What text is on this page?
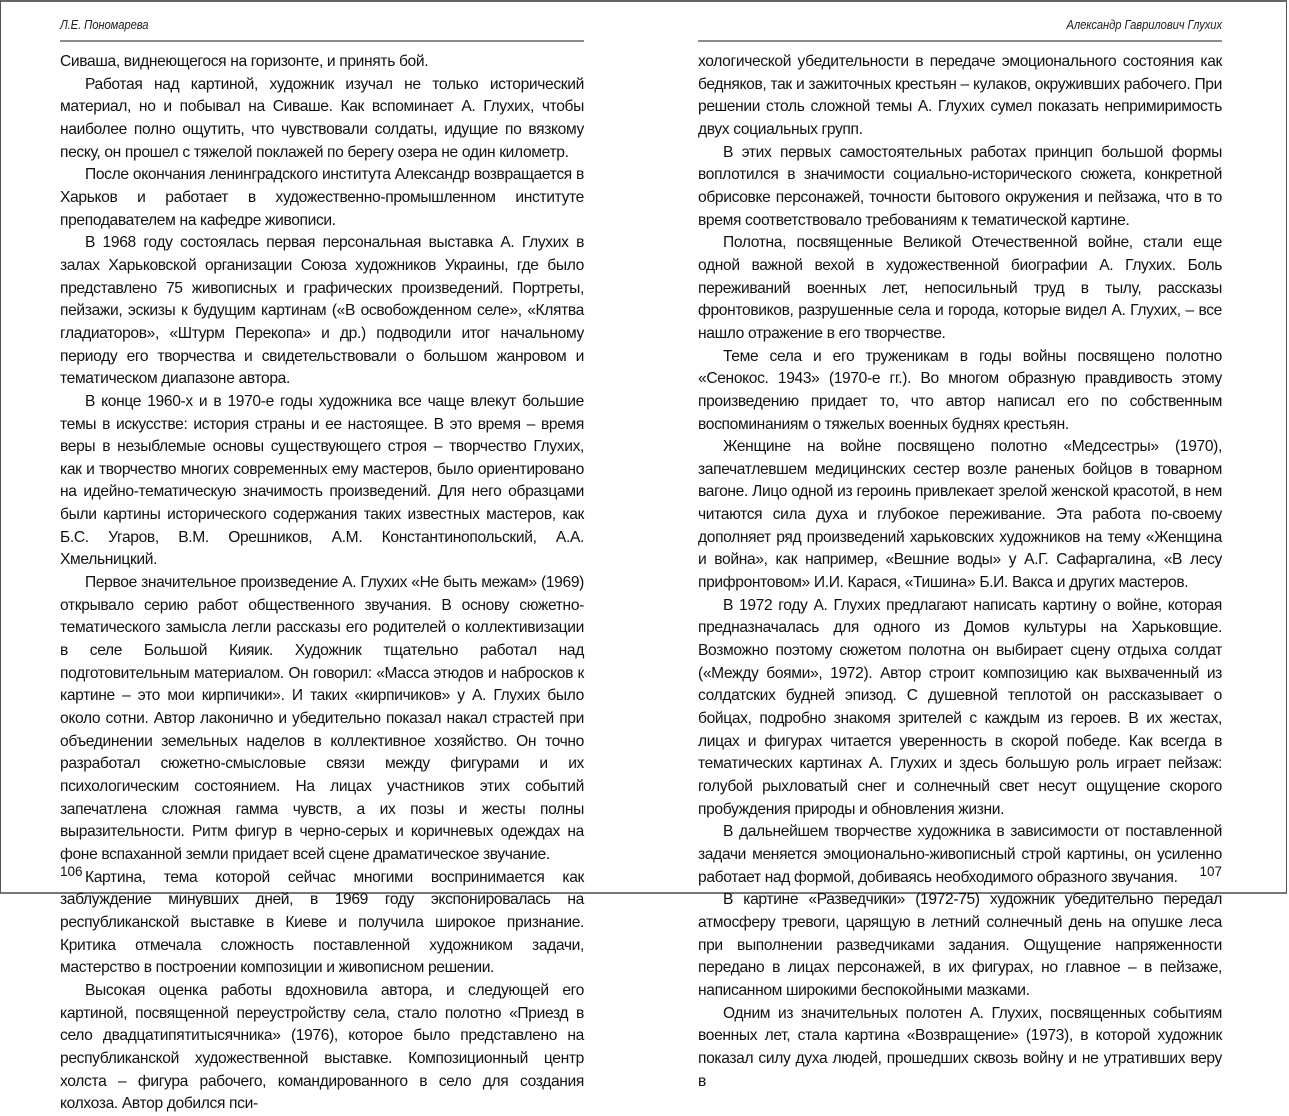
Л.Е. Пономарева

Сиваша, виднеющегося на горизонте, и принять бой.

Работая над картиной, художник изучал не только исторический материал, но и побывал на Сиваше. Как вспоминает А. Глухих, чтобы наиболее полно ощутить, что чувствовали солдаты, идущие по вязкому песку, он прошел с тяжелой поклажей по берегу озера не один километр.

После окончания ленинградского института Александр возвращается в Харьков и работает в художественно-промышленном институте преподавателем на кафедре живописи.

В 1968 году состоялась первая персональная выставка А. Глухих в залах Харьковской организации Союза художников Украины, где было представлено 75 живописных и графических произведений. Портреты, пейзажи, эскизы к будущим картинам («В освобожденном селе», «Клятва гладиаторов», «Штурм Перекопа» и др.) подводили итог начальному периоду его творчества и свидетельствовали о большом жанровом и тематическом диапазоне автора.

В конце 1960-х и в 1970-е годы художника все чаще влекут большие темы в искусстве: история страны и ее настоящее. В это время – время веры в незыблемые основы существующего строя – творчество Глухих, как и творчество многих современных ему мастеров, было ориентировано на идейно-тематическую значимость произведений. Для него образцами были картины исторического содержания таких известных мастеров, как Б.С. Угаров, В.М. Орешников, А.М. Константинопольский, А.А. Хмельницкий.

Первое значительное произведение А. Глухих «Не быть межам» (1969) открывало серию работ общественного звучания. В основу сюжетно-тематического замысла легли рассказы его родителей о коллективизации в селе Большой Кияик. Художник тщательно работал над подготовительным материалом. Он говорил: «Масса этюдов и набросков к картине – это мои кирпичики». И таких «кирпичиков» у А. Глухих было около сотни. Автор лаконично и убедительно показал накал страстей при объединении земельных наделов в коллективное хозяйство. Он точно разработал сюжетно-смысловые связи между фигурами и их психологическим состоянием. На лицах участников этих событий запечатлена сложная гамма чувств, а их позы и жесты полны выразительности. Ритм фигур в черно-серых и коричневых одеждах на фоне вспаханной земли придает всей сцене драматическое звучание.

Картина, тема которой сейчас многими воспринимается как заблуждение минувших дней, в 1969 году экспонировалась на республиканской выставке в Киеве и получила широкое признание. Критика отмечала сложность поставленной художником задачи, мастерство в построении композиции и живописном решении.

Высокая оценка работы вдохновила автора, и следующей его картиной, посвященной переустройству села, стало полотно «Приезд в село двадцатипятитысячника» (1976), которое было представлено на республиканской художественной выставке. Композиционный центр холста – фигура рабочего, командированного в село для создания колхоза. Автор добился пси-

106
Александр Гаврилович Глухих

хологической убедительности в передаче эмоционального состояния как бедняков, так и зажиточных крестьян – кулаков, окруживших рабочего. При решении столь сложной темы А. Глухих сумел показать непримиримость двух социальных групп.

В этих первых самостоятельных работах принцип большой формы воплотился в значимости социально-исторического сюжета, конкретной обрисовке персонажей, точности бытового окружения и пейзажа, что в то время соответствовало требованиям к тематической картине.

Полотна, посвященные Великой Отечественной войне, стали еще одной важной вехой в художественной биографии А. Глухих. Боль переживаний военных лет, непосильный труд в тылу, рассказы фронтовиков, разрушенные села и города, которые видел А. Глухих, – все нашло отражение в его творчестве.

Теме села и его труженикам в годы войны посвящено полотно «Сенокос. 1943» (1970-е гг.). Во многом образную правдивость этому произведению придает то, что автор написал его по собственным воспоминаниям о тяжелых военных буднях крестьян.

Женщине на войне посвящено полотно «Медсестры» (1970), запечатлевшем медицинских сестер возле раненых бойцов в товарном вагоне. Лицо одной из героинь привлекает зрелой женской красотой, в нем читаются сила духа и глубокое переживание. Эта работа по-своему дополняет ряд произведений харьковских художников на тему «Женщина и война», как например, «Вешние воды» у А.Г. Сафаргалина, «В лесу прифронтовом» И.И. Карася, «Тишина» Б.И. Вакса и других мастеров.

В 1972 году А. Глухих предлагают написать картину о войне, которая предназначалась для одного из Домов культуры на Харьковщие. Возможно поэтому сюжетом полотна он выбирает сцену отдыха солдат («Между боями», 1972). Автор строит композицию как выхваченный из солдатских будней эпизод. С душевной теплотой он рассказывает о бойцах, подробно знакомя зрителей с каждым из героев. В их жестах, лицах и фигурах читается уверенность в скорой победе. Как всегда в тематических картинах А. Глухих и здесь большую роль играет пейзаж: голубой рыхловатый снег и солнечный свет несут ощущение скорого пробуждения природы и обновления жизни.

В дальнейшем творчестве художника в зависимости от поставленной задачи меняется эмоционально-живописный строй картины, он усиленно работает над формой, добиваясь необходимого образного звучания.

В картине «Разведчики» (1972-75) художник убедительно передал атмосферу тревоги, царящую в летний солнечный день на опушке леса при выполнении разведчиками задания. Ощущение напряженности передано в лицах персонажей, в их фигурах, но главное – в пейзаже, написанном широкими беспокойными мазками.

Одним из значительных полотен А. Глухих, посвященных событиям военных лет, стала картина «Возвращение» (1973), в которой художник показал силу духа людей, прошедших сквозь войну и не утративших веру в

107
